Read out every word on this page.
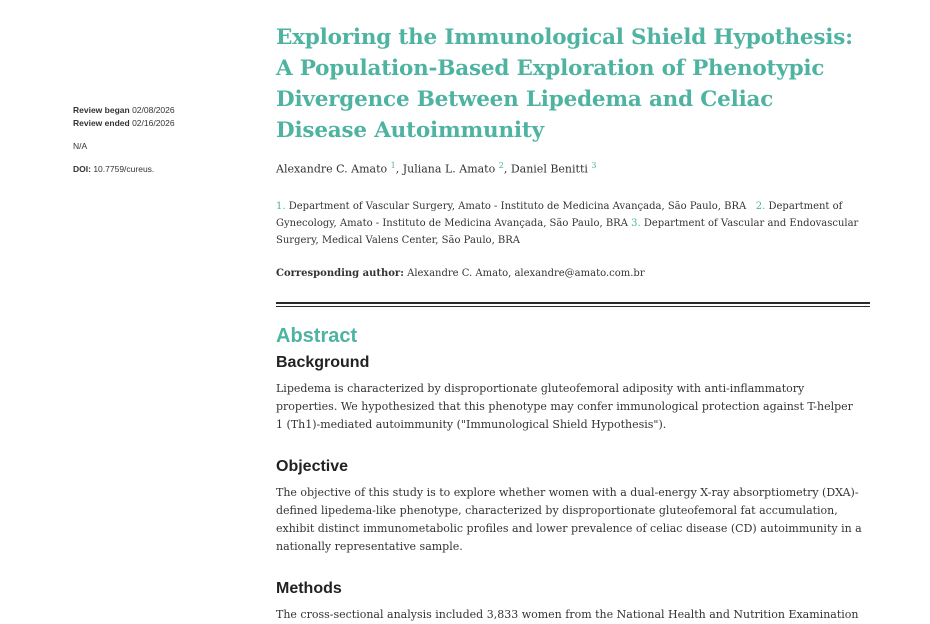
Review began 02/08/2026
Review ended 02/16/2026
N/A
DOI: 10.7759/cureus.
Exploring the Immunological Shield Hypothesis: A Population-Based Exploration of Phenotypic Divergence Between Lipedema and Celiac Disease Autoimmunity
Alexandre C. Amato $^1$, Juliana L. Amato $^2$, Daniel Benitti $^3$
1. Department of Vascular Surgery, Amato - Instituto de Medicina Avançada, São Paulo, BRA 2. Department of Gynecology, Amato - Instituto de Medicina Avançada, São Paulo, BRA 3. Department of Vascular and Endovascular Surgery, Medical Valens Center, São Paulo, BRA
Corresponding author: Alexandre C. Amato, alexandre@amato.com.br
Abstract
Background
Lipedema is characterized by disproportionate gluteofemoral adiposity with anti-inflammatory properties. We hypothesized that this phenotype may confer immunological protection against T-helper 1 (Th1)-mediated autoimmunity ("Immunological Shield Hypothesis").
Objective
The objective of this study is to explore whether women with a dual-energy X-ray absorptiometry (DXA)-defined lipedema-like phenotype, characterized by disproportionate gluteofemoral fat accumulation, exhibit distinct immunometabolic profiles and lower prevalence of celiac disease (CD) autoimmunity in a nationally representative sample.
Methods
The cross-sectional analysis included 3,833 women from the National Health and Nutrition Examination
